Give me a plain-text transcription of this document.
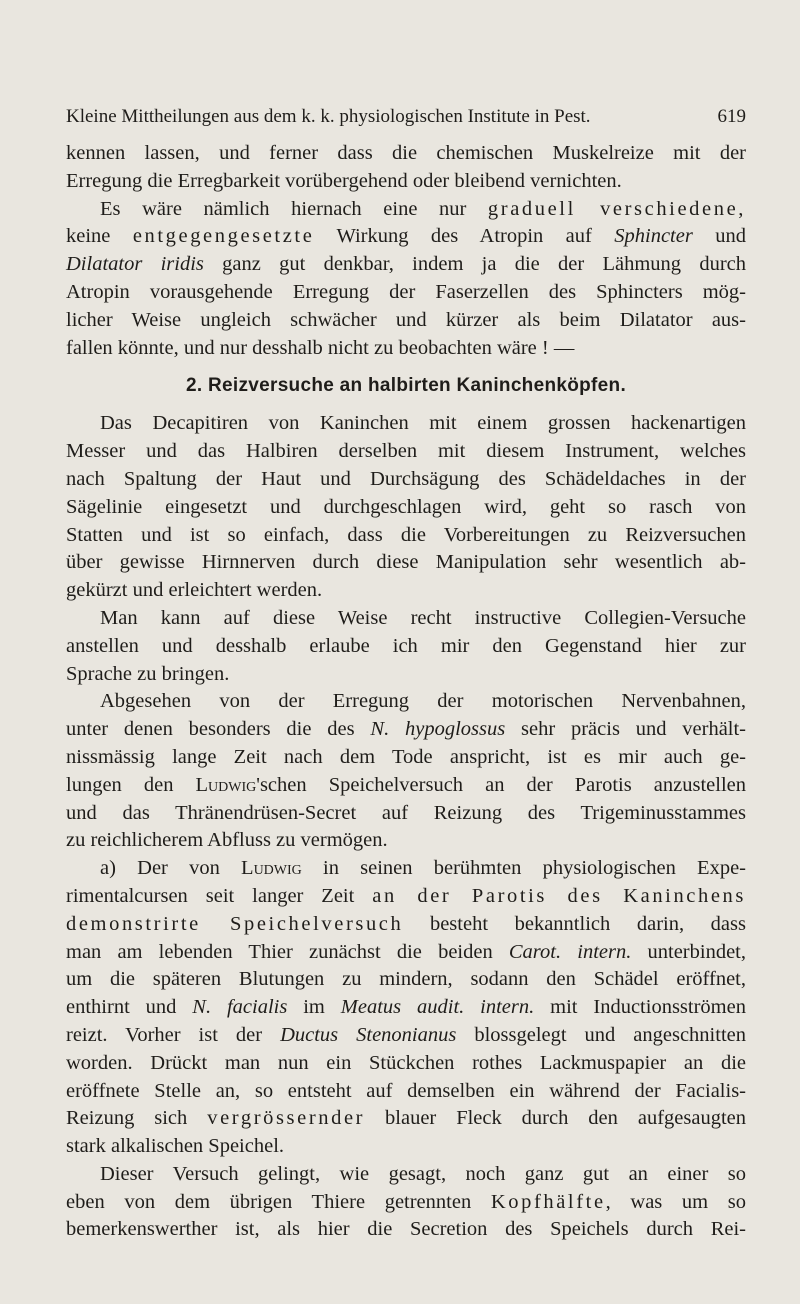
Kleine Mittheilungen aus dem k. k. physiologischen Institute in Pest.	619
kennen lassen, und ferner dass die chemischen Muskelreize mit der
Erregung die Erregbarkeit vorübergehend oder bleibend vernichten.
Es wäre nämlich hiernach eine nur graduell verschiedene,
keine entgegengesetzte Wirkung des Atropin auf Sphincter und
Dilatator iridis ganz gut denkbar, indem ja die der Lähmung durch
Atropin vorausgehende Erregung der Faserzellen des Sphincters mög-
licher Weise ungleich schwächer und kürzer als beim Dilatator aus-
fallen könnte, und nur desshalb nicht zu beobachten wäre ! —
2. Reizversuche an halbirten Kaninchenköpfen.
Das Decapitiren von Kaninchen mit einem grossen hackenartigen
Messer und das Halbiren derselben mit diesem Instrument, welches
nach Spaltung der Haut und Durchsägung des Schädeldaches in der
Sägelinie eingesetzt und durchgeschlagen wird, geht so rasch von
Statten und ist so einfach, dass die Vorbereitungen zu Reizversuchen
über gewisse Hirnnerven durch diese Manipulation sehr wesentlich ab-
gekürzt und erleichtert werden.
Man kann auf diese Weise recht instructive Collegien-Versuche
anstellen und desshalb erlaube ich mir den Gegenstand hier zur
Sprache zu bringen.
Abgesehen von der Erregung der motorischen Nervenbahnen,
unter denen besonders die des N. hypoglossus sehr präcis und verhält-
nissmässig lange Zeit nach dem Tode anspricht, ist es mir auch ge-
lungen den Ludwig'schen Speichelversuch an der Parotis anzustellen
und das Thränendrüsen-Secret auf Reizung des Trigeminusstammes
zu reichlicherem Abfluss zu vermögen.
a) Der von Ludwig in seinen berühmten physiologischen Expe-
rimentalcursen seit langer Zeit an der Parotis des Kaninchens
demonstrirte Speichelversuch besteht bekanntlich darin, dass
man am lebenden Thier zunächst die beiden Carot. intern. unterbindet,
um die späteren Blutungen zu mindern, sodann den Schädel eröffnet,
enthirnt und N. facialis im Meatus audit. intern. mit Inductionsströmen
reizt. Vorher ist der Ductus Stenonianus blossgelegt und angeschnitten
worden. Drückt man nun ein Stückchen rothes Lackmuspapier an die
eröffnete Stelle an, so entsteht auf demselben ein während der Facialis-
Reizung sich vergrössernder blauer Fleck durch den aufgesaugten
stark alkalischen Speichel.
Dieser Versuch gelingt, wie gesagt, noch ganz gut an einer so
eben von dem übrigen Thiere getrennten Kopfhälfte, was um so
bemerkenswerther ist, als hier die Secretion des Speichels durch Rei-
